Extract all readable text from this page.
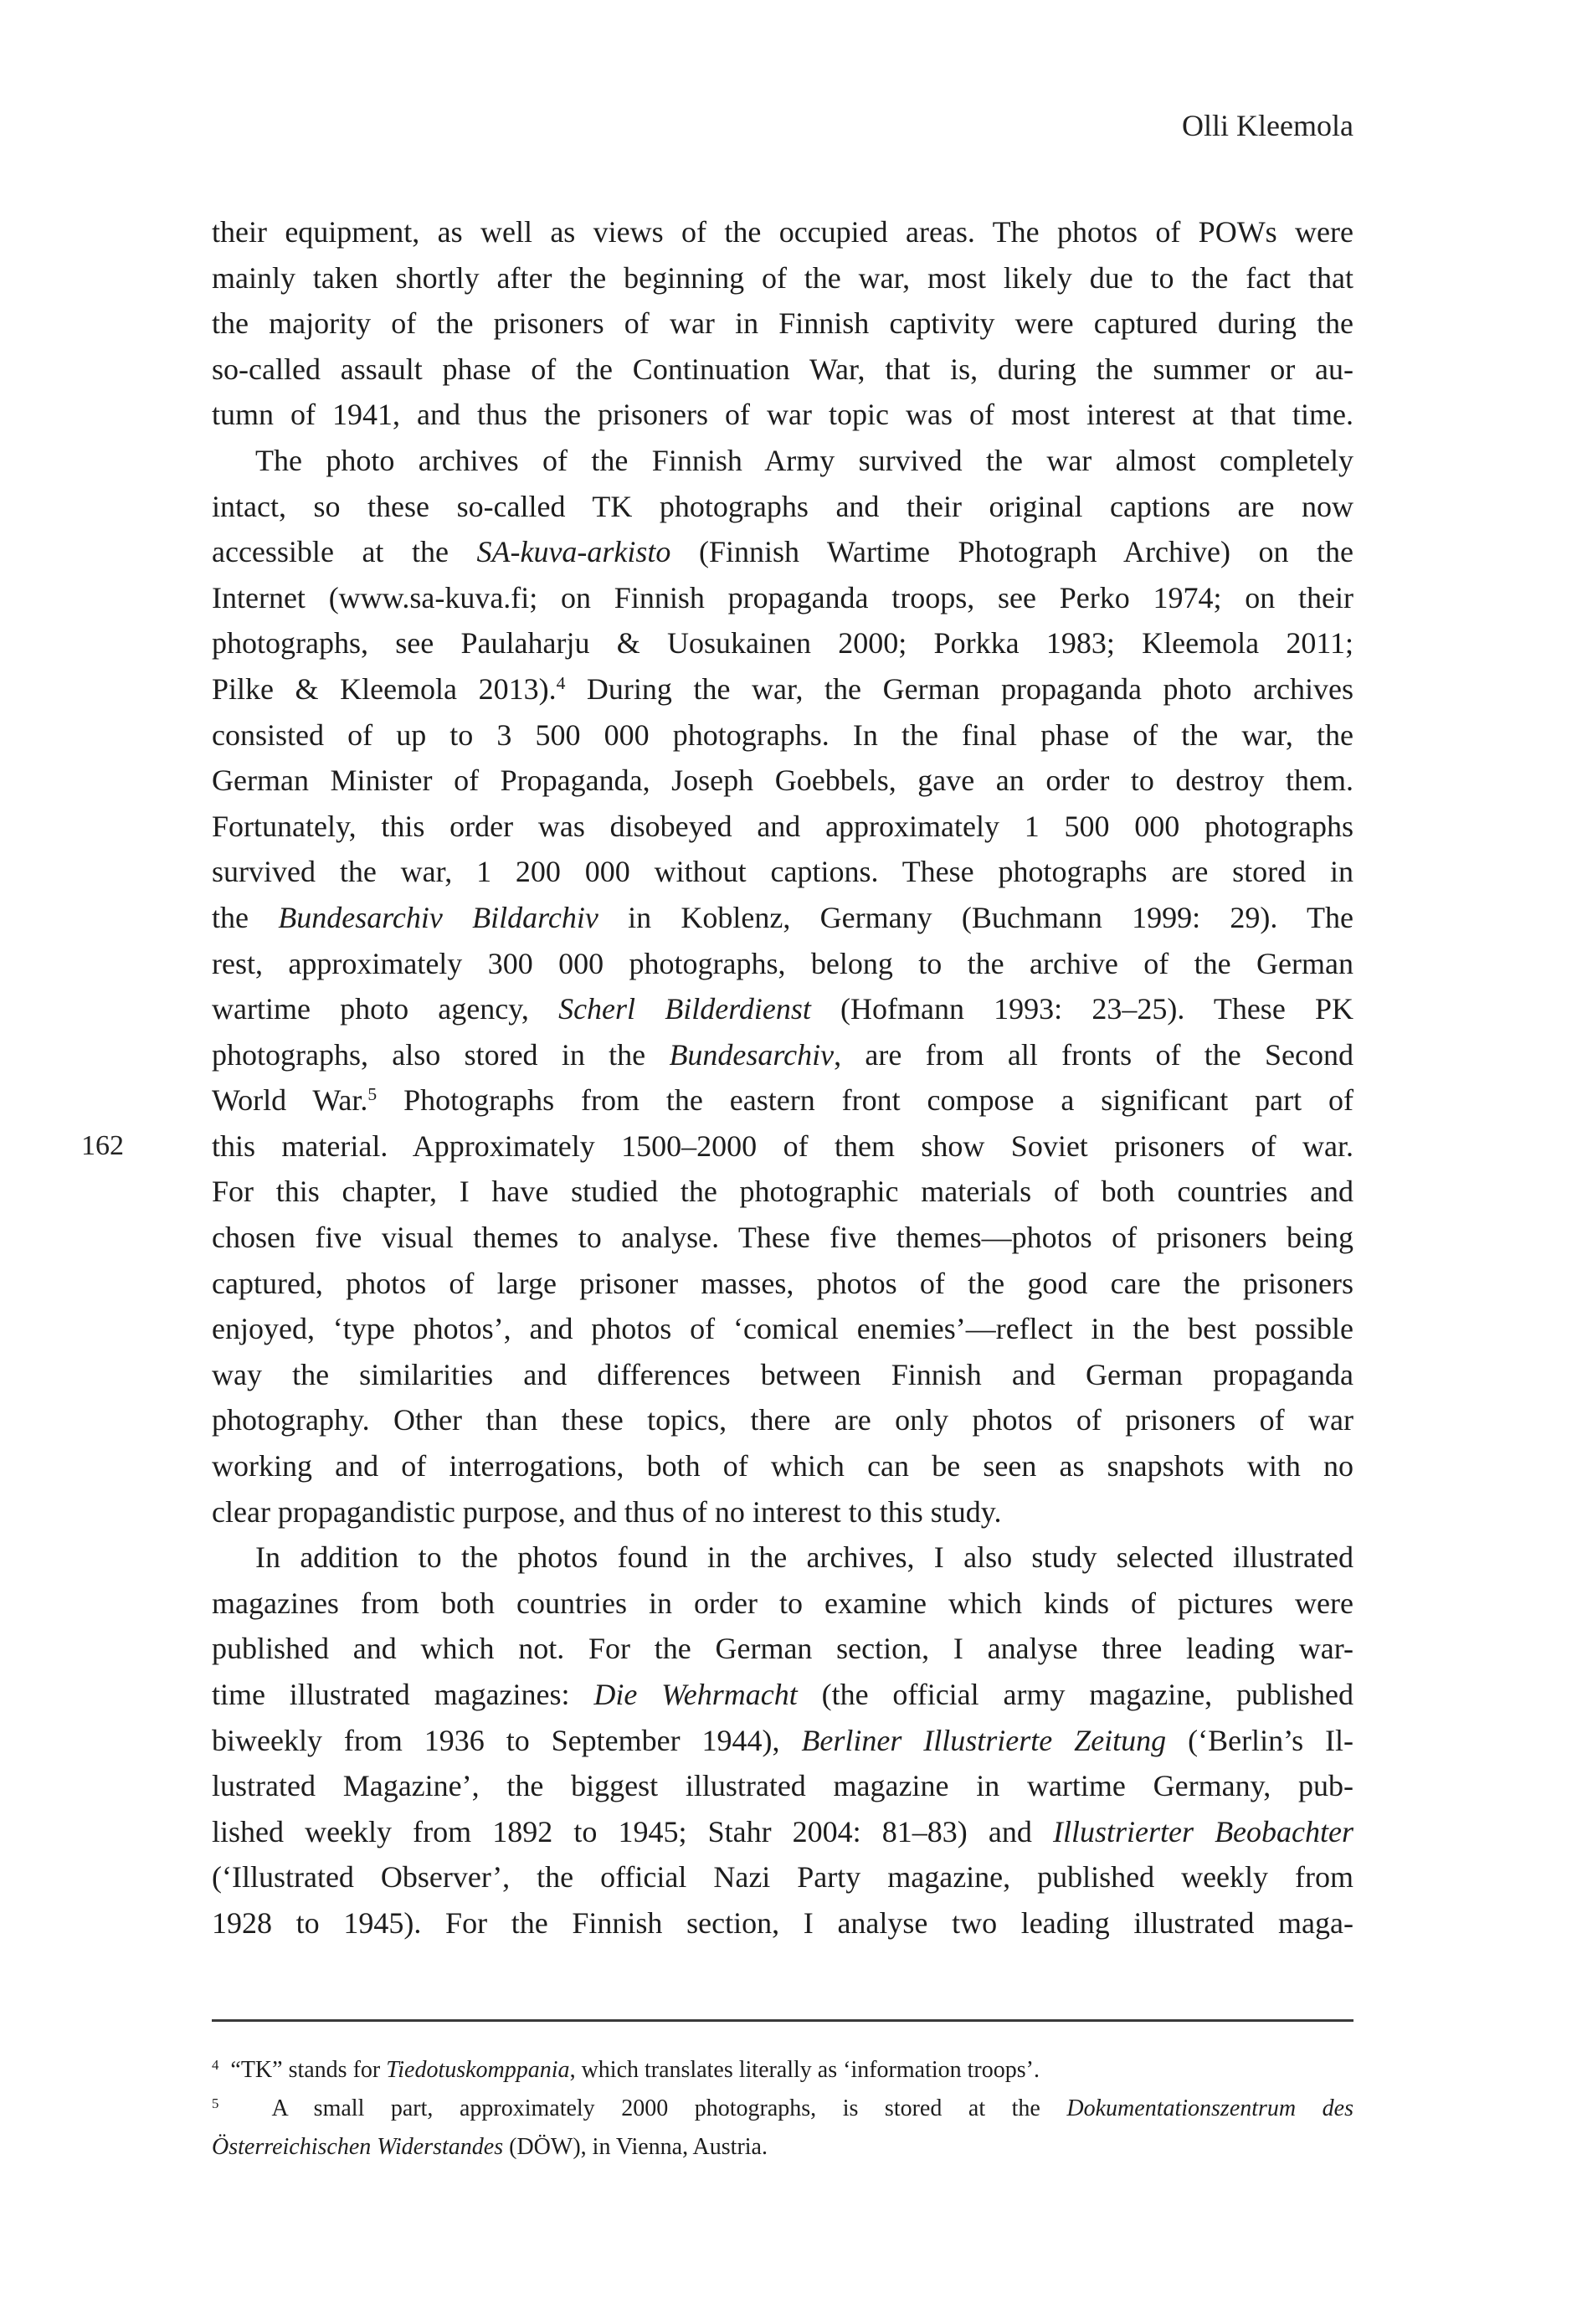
Olli Kleemola
162
their equipment, as well as views of the occupied areas. The photos of POWs were
mainly taken shortly after the beginning of the war, most likely due to the fact that
the majority of the prisoners of war in Finnish captivity were captured during the
so-called assault phase of the Continuation War, that is, during the summer or au-
tumn of 1941, and thus the prisoners of war topic was of most interest at that time.
The photo archives of the Finnish Army survived the war almost completely
intact, so these so-called TK photographs and their original captions are now
accessible at the SA-kuva-arkisto (Finnish Wartime Photograph Archive) on the
Internet (www.sa-kuva.fi; on Finnish propaganda troops, see Perko 1974; on their
photographs, see Paulaharju & Uosukainen 2000; Porkka 1983; Kleemola 2011;
Pilke & Kleemola 2013).$^4$ During the war, the German propaganda photo archives
consisted of up to 3 500 000 photographs. In the final phase of the war, the
German Minister of Propaganda, Joseph Goebbels, gave an order to destroy them.
Fortunately, this order was disobeyed and approximately 1 500 000 photographs
survived the war, 1 200 000 without captions. These photographs are stored in
the Bundesarchiv Bildarchiv in Koblenz, Germany (Buchmann 1999: 29). The
rest, approximately 300 000 photographs, belong to the archive of the German
wartime photo agency, Scherl Bilderdienst (Hofmann 1993: 23–25). These PK
photographs, also stored in the Bundesarchiv, are from all fronts of the Second
World War.$^5$ Photographs from the eastern front compose a significant part of
this material. Approximately 1500–2000 of them show Soviet prisoners of war.
For this chapter, I have studied the photographic materials of both countries and
chosen five visual themes to analyse. These five themes—photos of prisoners being
captured, photos of large prisoner masses, photos of the good care the prisoners
enjoyed, ‘type photos’, and photos of ‘comical enemies’—reflect in the best possible
way the similarities and differences between Finnish and German propaganda
photography. Other than these topics, there are only photos of prisoners of war
working and of interrogations, both of which can be seen as snapshots with no
clear propagandistic purpose, and thus of no interest to this study.
In addition to the photos found in the archives, I also study selected illustrated
magazines from both countries in order to examine which kinds of pictures were
published and which not. For the German section, I analyse three leading war-
time illustrated magazines: Die Wehrmacht (the official army magazine, published
biweekly from 1936 to September 1944), Berliner Illustrierte Zeitung (‘Berlin’s Il-
lustrated Magazine’, the biggest illustrated magazine in wartime Germany, pub-
lished weekly from 1892 to 1945; Stahr 2004: 81–83) and Illustrierter Beobachter
(‘Illustrated Observer’, the official Nazi Party magazine, published weekly from
1928 to 1945). For the Finnish section, I analyse two leading illustrated maga-
$^4$ “TK” stands for Tiedotuskomppania, which translates literally as ‘information troops’.
$^5$ A small part, approximately 2000 photographs, is stored at the Dokumentationszentrum des
Österreichischen Widerstandes (DÖW), in Vienna, Austria.
